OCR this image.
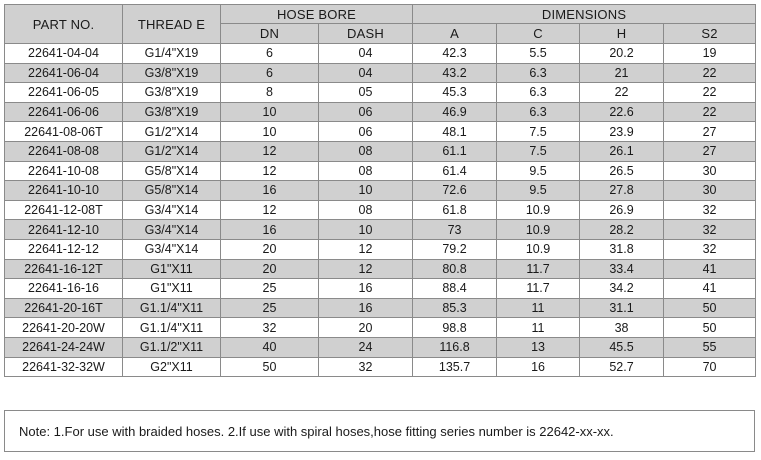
PART NO.	THREAD E	HOSE BORE		DIMENSIONS			
		DN	DASH	A	C	H	S2
22641-04-04	G1/4"X19	6	04	42.3	5.5	20.2	19
22641-06-04	G3/8"X19	6	04	43.2	6.3	21	22
22641-06-05	G3/8"X19	8	05	45.3	6.3	22	22
22641-06-06	G3/8"X19	10	06	46.9	6.3	22.6	22
22641-08-06T	G1/2"X14	10	06	48.1	7.5	23.9	27
22641-08-08	G1/2"X14	12	08	61.1	7.5	26.1	27
22641-10-08	G5/8"X14	12	08	61.4	9.5	26.5	30
22641-10-10	G5/8"X14	16	10	72.6	9.5	27.8	30
22641-12-08T	G3/4"X14	12	08	61.8	10.9	26.9	32
22641-12-10	G3/4"X14	16	10	73	10.9	28.2	32
22641-12-12	G3/4"X14	20	12	79.2	10.9	31.8	32
22641-16-12T	G1"X11	20	12	80.8	11.7	33.4	41
22641-16-16	G1"X11	25	16	88.4	11.7	34.2	41
22641-20-16T	G1.1/4"X11	25	16	85.3	11	31.1	50
22641-20-20W	G1.1/4"X11	32	20	98.8	11	38	50
22641-24-24W	G1.1/2"X11	40	24	116.8	13	45.5	55
22641-32-32W	G2"X11	50	32	135.7	16	52.7	70
Note: 1.For use with braided hoses. 2.If use with spiral hoses,hose fitting series number is 22642-xx-xx.
